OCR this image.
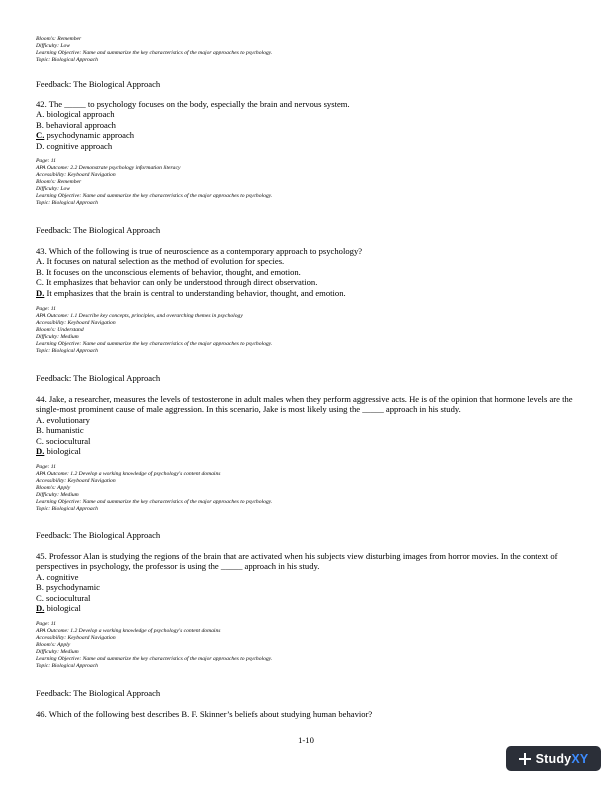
Bloom's: Remember
Difficulty: Low
Learning Objective: Name and summarize the key characteristics of the major approaches to psychology.
Topic: Biological Approach
Feedback: The Biological Approach
42. The _____ to psychology focuses on the body, especially the brain and nervous system.
A. biological approach
B. behavioral approach
C. psychodynamic approach
D. cognitive approach
Page: 11
APA Outcome: 2.2 Demonstrate psychology information literacy
Accessibility: Keyboard Navigation
Bloom's: Remember
Difficulty: Low
Learning Objective: Name and summarize the key characteristics of the major approaches to psychology.
Topic: Biological Approach
Feedback: The Biological Approach
43. Which of the following is true of neuroscience as a contemporary approach to psychology?
A. It focuses on natural selection as the method of evolution for species.
B. It focuses on the unconscious elements of behavior, thought, and emotion.
C. It emphasizes that behavior can only be understood through direct observation.
D. It emphasizes that the brain is central to understanding behavior, thought, and emotion.
Page: 11
APA Outcome: 1.1 Describe key concepts, principles, and overarching themes in psychology
Accessibility: Keyboard Navigation
Bloom's: Understand
Difficulty: Medium
Learning Objective: Name and summarize the key characteristics of the major approaches to psychology.
Topic: Biological Approach
Feedback: The Biological Approach
44. Jake, a researcher, measures the levels of testosterone in adult males when they perform aggressive acts. He is of the opinion that hormone levels are the single-most prominent cause of male aggression. In this scenario, Jake is most likely using the _____ approach in his study.
A. evolutionary
B. humanistic
C. sociocultural
D. biological
Page: 11
APA Outcome: 1.2 Develop a working knowledge of psychology's content domains
Accessibility: Keyboard Navigation
Bloom's: Apply
Difficulty: Medium
Learning Objective: Name and summarize the key characteristics of the major approaches to psychology.
Topic: Biological Approach
Feedback: The Biological Approach
45. Professor Alan is studying the regions of the brain that are activated when his subjects view disturbing images from horror movies. In the context of perspectives in psychology, the professor is using the _____ approach in his study.
A. cognitive
B. psychodynamic
C. sociocultural
D. biological
Page: 11
APA Outcome: 1.2 Develop a working knowledge of psychology's content domains
Accessibility: Keyboard Navigation
Bloom's: Apply
Difficulty: Medium
Learning Objective: Name and summarize the key characteristics of the major approaches to psychology.
Topic: Biological Approach
Feedback: The Biological Approach
46. Which of the following best describes B. F. Skinner’s beliefs about studying human behavior?
1-10
Study XY
